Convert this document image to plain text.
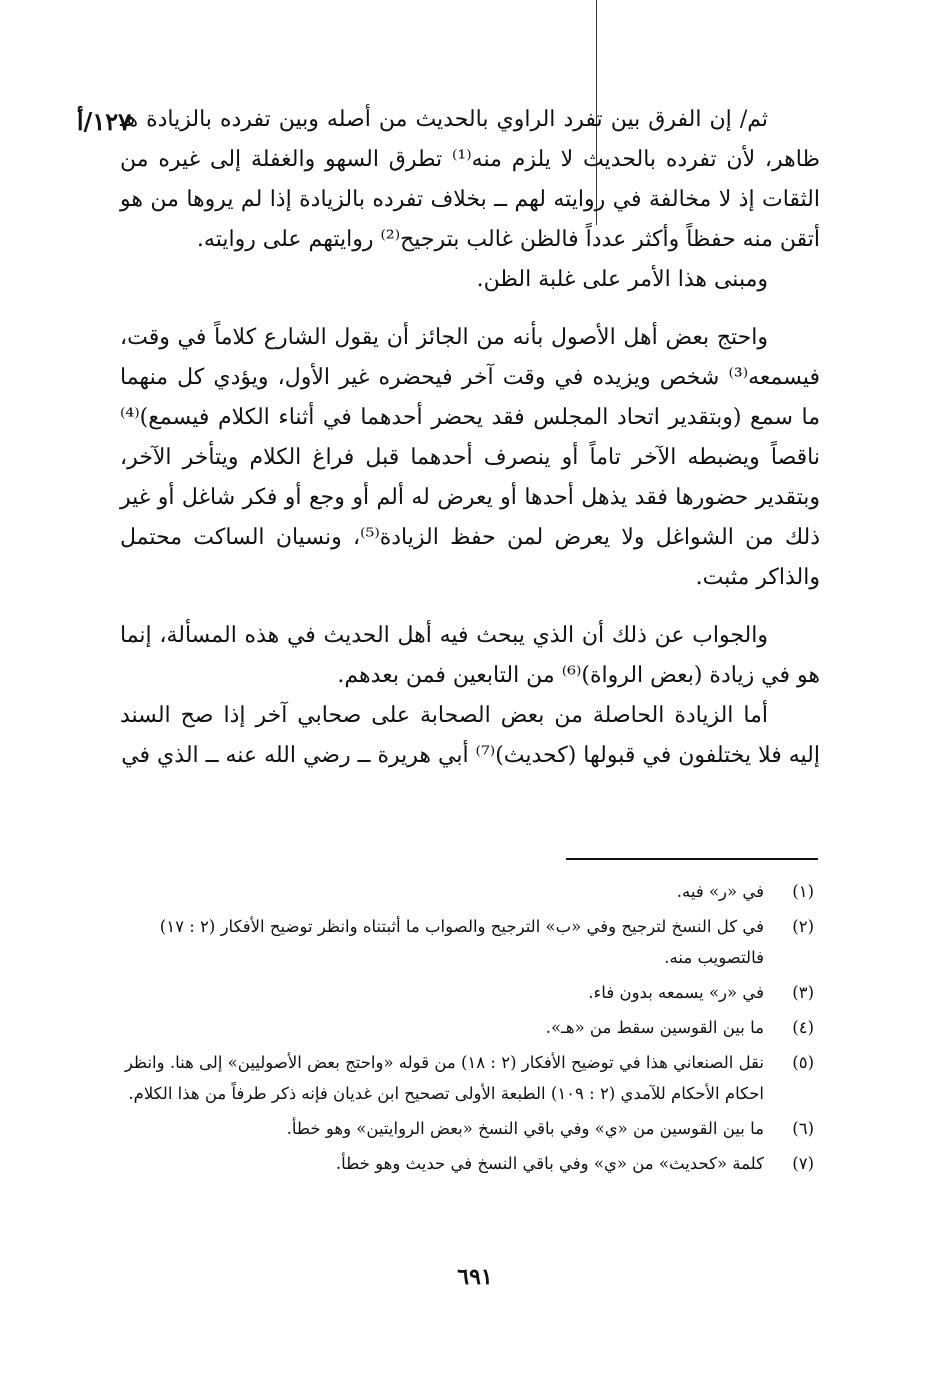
١٢٧/أ

ثم/ إن الفرق بين تفرد الراوي بالحديث من أصله وبين تفرده بالزيادة هـ ظاهر، لأن تفرده بالحديث لا يلزم منه⁽¹⁾ تطرق السهو والغفلة إلى غيره من الثقات إذ لا مخالفة في روايته لهم ــ بخلاف تفرده بالزيادة إذا لم يروها من هو أتقن منه حفظاً وأكثر عدداً فالظن غالب بترجيح⁽²⁾ روايتهم على روايته.

ومبنى هذا الأمر على غلبة الظن.

واحتج بعض أهل الأصول بأنه من الجائز أن يقول الشارع كلاماً في وقت، فيسمعه⁽³⁾ شخص ويزيده في وقت آخر فيحضره غير الأول، ويؤدي كل منهما ما سمع (وبتقدير اتحاد المجلس فقد يحضر أحدهما في أثناء الكلام فيسمع)⁽⁴⁾ ناقصاً ويضبطه الآخر تاماً أو ينصرف أحدهما قبل فراغ الكلام ويتأخر الآخر، وبتقدير حضورها فقد يذهل أحدها أو يعرض له ألم أو وجع أو فكر شاغل أو غير ذلك من الشواغل ولا يعرض لمن حفظ الزيادة⁽⁵⁾، ونسيان الساكت محتمل والذاكر مثبت.

والجواب عن ذلك أن الذي يبحث فيه أهل الحديث في هذه المسألة، إنما هو في زيادة (بعض الرواة)⁽⁶⁾ من التابعين فمن بعدهم.

أما الزيادة الحاصلة من بعض الصحابة على صحابي آخر إذا صح السند إليه فلا يختلفون في قبولها (كحديث)⁽⁷⁾ أبي هريرة ــ رضي الله عنه ــ الذي في

(١)
في «ر» فيه.
(٢)
في كل النسخ لترجيح وفي «ب» الترجيح والصواب ما أثبتناه وانظر توضيح الأفكار (٢ : ١٧) فالتصويب منه.
(٣)
في «ر» يسمعه بدون فاء.
(٤)
ما بين القوسين سقط من «هـ».
(٥)
نقل الصنعاني هذا في توضيح الأفكار (٢ : ١٨) من قوله «واحتج بعض الأصوليين» إلى هنا. وانظر احكام الأحكام للآمدي (٢ : ١٠٩) الطبعة الأولى تصحيح ابن غديان فإنه ذكر طرفاً من هذا الكلام.
(٦)
ما بين القوسين من «ي» وفي باقي النسخ «بعض الروايتين» وهو خطأ.
(٧)
كلمة «كحديث» من «ي» وفي باقي النسخ في حديث وهو خطأ.
٦٩١
